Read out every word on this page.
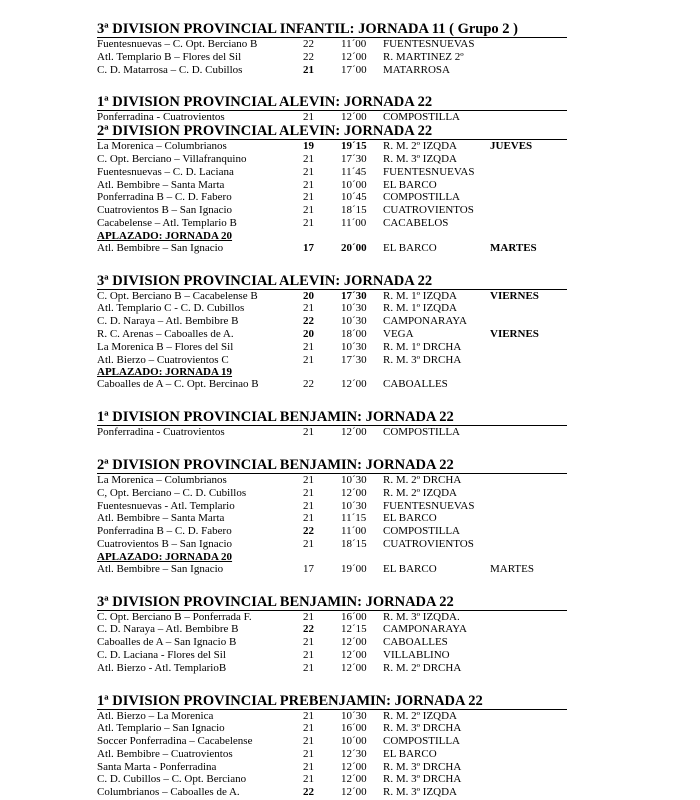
3ª DIVISION PROVINCIAL INFANTIL: JORNADA 11 ( Grupo 2 )
Fuentesnuevas – C. Opt. Berciano B	22	11´00	FUENTESNUEVAS
Atl. Templario B – Flores del Sil	22	12´00	R. MARTINEZ 2º
C. D. Matarrosa – C. D. Cubillos	21	17´00	MATARROSA
1ª DIVISION PROVINCIAL ALEVIN: JORNADA 22
Ponferradina - Cuatrovientos	21	12´00	COMPOSTILLA
2ª DIVISION PROVINCIAL ALEVIN: JORNADA 22
La Morenica – Columbrianos	19	19´15	R. M. 2º IZQDA	JUEVES
C. Opt. Berciano – Villafranquino	21	17´30	R. M. 3º IZQDA
Fuentesnuevas – C. D. Laciana	21	11´45	FUENTESNUEVAS
Atl. Bembibre – Santa Marta	21	10´00	EL BARCO
Ponferradina B – C. D. Fabero	21	10´45	COMPOSTILLA
Cuatrovientos B – San Ignacio	21	18´15	CUATROVIENTOS
Cacabelense – Atl. Templario B	21	11´00	CACABELOS
APLAZADO: JORNADA 20
Atl. Bembibre – San Ignacio	17	20´00	EL BARCO	MARTES
3ª DIVISION PROVINCIAL ALEVIN: JORNADA 22
C. Opt. Berciano B – Cacabelense B	20	17´30	R. M. 1º IZQDA	VIERNES
Atl. Templario C - C. D. Cubillos	21	10´30	R. M. 1º IZQDA
C. D. Naraya – Atl. Bembibre B	22	10´30	CAMPONARAYA
R. C. Arenas – Caboalles de A.	20	18´00	VEGA	VIERNES
La Morenica B – Flores del Sil	21	10´30	R. M. 1º DRCHA
Atl. Bierzo – Cuatrovientos C	21	17´30	R. M. 3º DRCHA
APLAZADO: JORNADA 19
Caboalles de A – C. Opt. Bercinao B	22	12´00	CABOALLES
1ª DIVISION PROVINCIAL BENJAMIN: JORNADA 22
Ponferradina - Cuatrovientos	21	12´00	COMPOSTILLA
2ª DIVISION PROVINCIAL BENJAMIN: JORNADA 22
La Morenica – Columbrianos	21	10´30	R. M. 2º DRCHA
C, Opt. Berciano – C. D. Cubillos	21	12´00	R. M. 2º IZQDA
Fuentesnuevas - Atl. Templario	21	10´30	FUENTESNUEVAS
Atl. Bembibre – Santa Marta	21	11´15	EL BARCO
Ponferradina B – C. D. Fabero	22	11´00	COMPOSTILLA
Cuatrovientos B – San Ignacio	21	18´15	CUATROVIENTOS
APLAZADO: JORNADA 20
Atl. Bembibre – San Ignacio	17	19´00	EL BARCO	MARTES
3ª DIVISION PROVINCIAL BENJAMIN: JORNADA 22
C. Opt. Berciano B – Ponferrada F.	21	16´00	R. M. 3º IZQDA.
C. D. Naraya – Atl. Bembibre B	22	12´15	CAMPONARAYA
Caboalles de A – San Ignacio B	21	12´00	CABOALLES
C. D. Laciana - Flores del Sil	21	12´00	VILLABLINO
Atl. Bierzo - Atl. TemplarioB	21	12´00	R. M. 2º DRCHA
1ª DIVISION PROVINCIAL PREBENJAMIN: JORNADA 22
Atl. Bierzo – La Morenica	21	10´30	R. M. 2º IZQDA
Atl. Templario – San Ignacio	21	16´00	R. M. 3º DRCHA
Soccer Ponferradina – Cacabelense	21	10´00	COMPOSTILLA
Atl. Bembibre – Cuatrovientos	21	12´30	EL BARCO
Santa Marta - Ponferradina	21	12´00	R. M. 3º DRCHA
C. D. Cubillos – C. Opt. Berciano	21	12´00	R. M. 3º DRCHA
Columbrianos – Caboalles de A.	22	12´00	R. M. 3º IZQDA
